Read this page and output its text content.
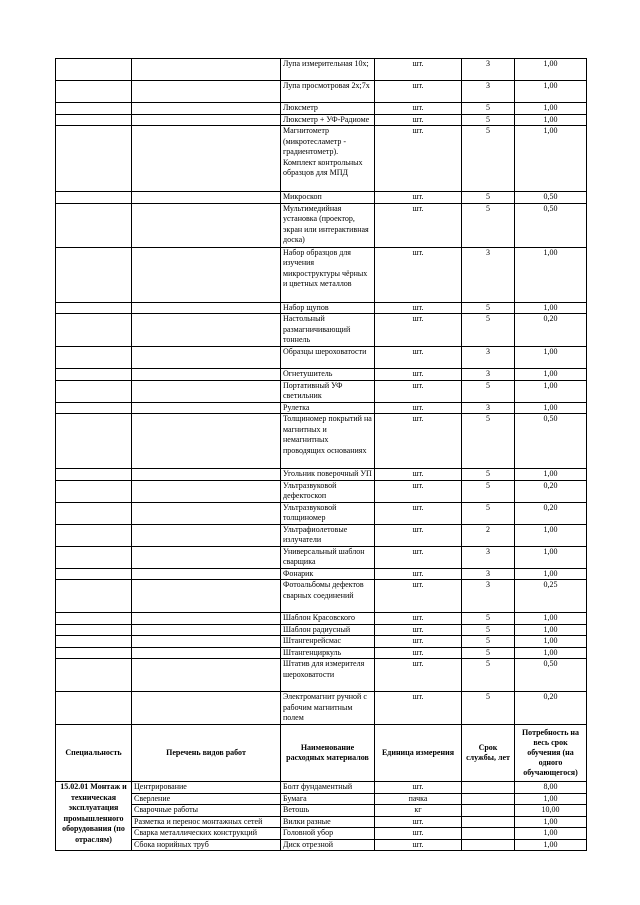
		Лупа измерительная 10х;	шт.	3	1,00
		Лупа просмотровая 2х;7х	шт.	3	1,00
		Люксметр	шт.	5	1,00
		Люксметр + УФ-Радиоме	шт.	5	1,00
		Магнитометр (микротесламетр - градиентометр). Комплект контрольных образцов для МПД	шт.	5	1,00
		Микроскоп	шт.	5	0,50
		Мультимедийная установка (проектор, экран или интерактивная доска)	шт.	5	0,50
		Набор образцов для изучения микроструктуры чёрных и цветных металлов	шт.	3	1,00
		Набор щупов	шт.	5	1,00
		Настольный размагничивающий тоннель	шт.	5	0,20
		Образцы шероховатости	шт.	3	1,00
		Огнетушитель	шт.	3	1,00
		Портативный УФ светильник	шт.	5	1,00
		Рулетка	шт.	3	1,00
		Толщиномер покрытий на магнитных и немагнитных проводящих основаниях	шт.	5	0,50
		Угольник поверочный УП	шт.	5	1,00
		Ультразвуковой дефектоскоп	шт.	5	0,20
		Ультразвуковой толщиномер	шт.	5	0,20
		Ультрафиолетовые излучатели	шт.	2	1,00
		Универсальный шаблон сварщика	шт.	3	1,00
		Фонарик	шт.	3	1,00
		Фотоальбомы дефектов сварных соединений	шт.	3	0,25
		Шаблон Красовского	шт.	5	1,00
		Шаблон радиусный	шт.	5	1,00
		Штангенрейсмас	шт.	5	1,00
		Штангенциркуль	шт.	5	1,00
		Штатив для измерителя шероховатости	шт.	5	0,50
		Электромагнит ручной с рабочим магнитным полем	шт.	5	0,20
Специальность	Перечень видов работ	Наименование расходных материалов	Единица измерения	Срок службы, лет	Потребность на весь срок обучения (на одного обучающегося)
15.02.01 Монтаж и техническая эксплуатация промышленного оборудования (по отраслям)	Центрирование	Болт фундаментный	шт.		8,00
	Сверление	Бумага	пачка		1,00
	Сварочные работы	Ветошь	кг		10,00
	Разметка и перенос монтажных сетей	Вилки разные	шт.		1,00
	Сварка металлических конструкций	Головной убор	шт.		1,00
	Сбока норийных труб	Диск отрезной	шт.		1,00
